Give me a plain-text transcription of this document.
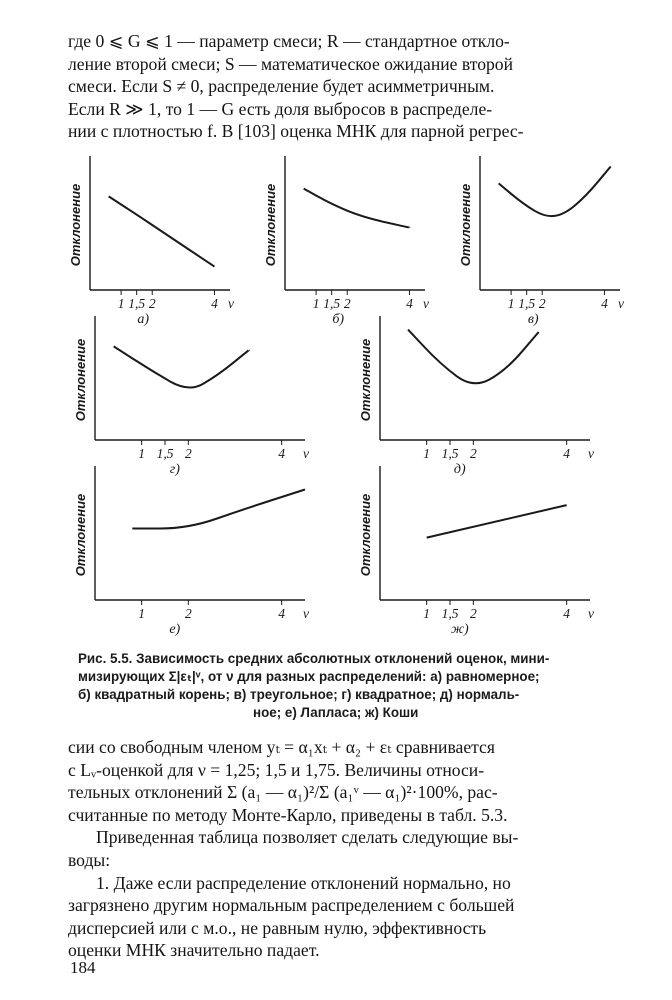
где 0 ⩽ G ⩽ 1 — параметр смеси; R — стандартное откло-
ление второй смеси; S — математическое ожидание второй
смеси. Если S ≠ 0, распределение будет асимметричным.
Если R ≫ 1, то 1 — G есть доля выбросов в распределе-
нии с плотностью f. В [103] оценка МНК для парной регрес-
Отклонение
1 1,5 2	4 ν
а)
Отклонение
1 1,5 2	4 ν
б)
Отклонение
1 1,5 2	4 ν
в)
Отклонение
1 1,5 2	4 ν
г)
Отклонение
1 1,5 2	4 ν
д)
Отклонение
1	2	4 ν
е)
Отклонение
1 1,5 2	4 ν
ж)
Рис. 5.5. Зависимость средних абсолютных отклонений оценок, мини-
мизирующих Σ|εₜ|ᵛ, от ν для разных распределений: а) равномерное;
б) квадратный корень; в) треугольное; г) квадратное; д) нормаль-
ное; е) Лапласа; ж) Коши
сии со свободным членом yₜ = α₁xₜ + α₂ + εₜ сравнивается
с Lᵥ-оценкой для ν = 1,25; 1,5 и 1,75. Величины относи-
тельных отклонений Σ (a₁ — α₁)²/Σ (a₁ᵛ — α₁)²·100%, рас-
считанные по методу Монте-Карло, приведены в табл. 5.3.
Приведенная таблица позволяет сделать следующие вы-
воды:
1. Даже если распределение отклонений нормально, но
загрязнено другим нормальным распределением с большей
дисперсией или с м.о., не равным нулю, эффективность
оценки МНК значительно падает.
184
